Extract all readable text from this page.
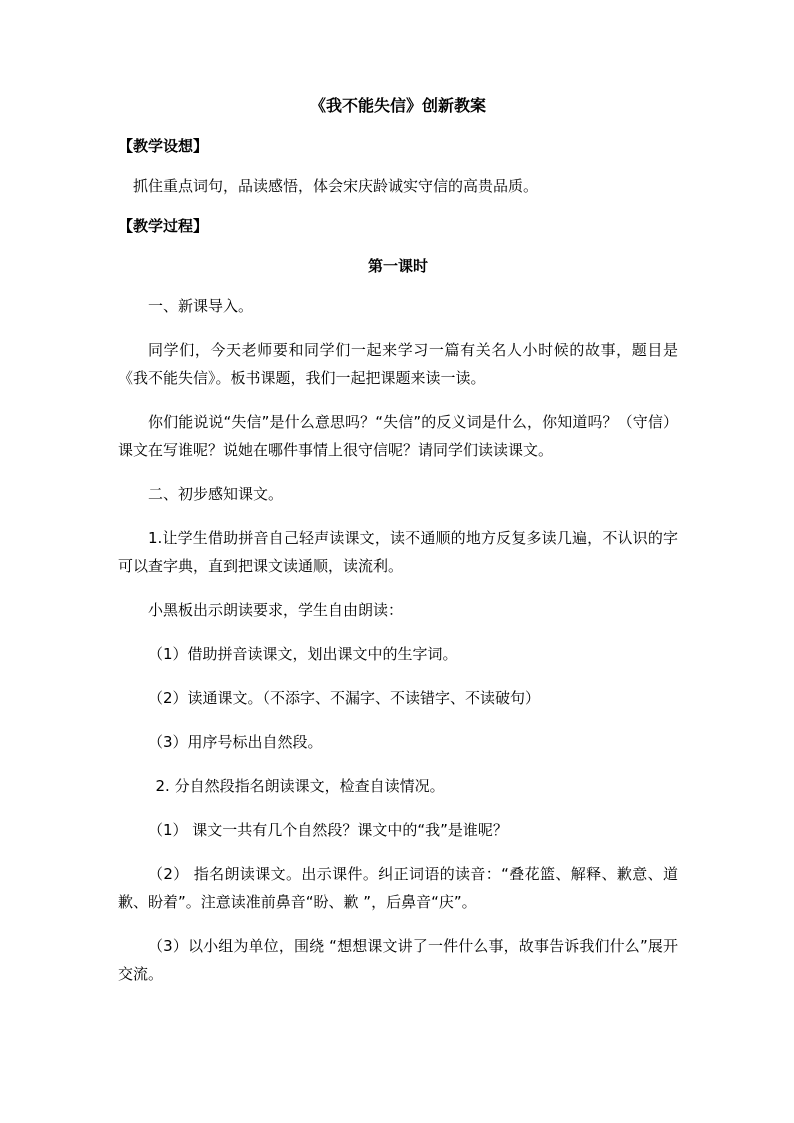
《我不能失信》创新教案

【教学设想】

抓住重点词句，品读感悟，体会宋庆龄诚实守信的高贵品质。

【教学过程】

第一课时

一、新课导入。

同学们，今天老师要和同学们一起来学习一篇有关名人小时候的故事，题目是《我不能失信》。板书课题，我们一起把课题来读一读。

你们能说说“失信”是什么意思吗？“失信”的反义词是什么，你知道吗？（守信） 课文在写谁呢？说她在哪件事情上很守信呢？请同学们读读课文。

二、初步感知课文。

1.让学生借助拼音自己轻声读课文，读不通顺的地方反复多读几遍，不认识的字可以查字典，直到把课文读通顺，读流利。

小黑板出示朗读要求，学生自由朗读：

（1）借助拼音读课文，划出课文中的生字词。

（2）读通课文。（不添字、不漏字、不读错字、不读破句）

（3）用序号标出自然段。

2. 分自然段指名朗读课文，检查自读情况。

（1） 课文一共有几个自然段？课文中的“我”是谁呢？

（2） 指名朗读课文。出示课件。纠正词语的读音：“叠花篮、解释、歉意、道歉、盼着”。注意读准前鼻音“盼、歉 ”，后鼻音“庆”。

（3）以小组为单位，围绕 “想想课文讲了一件什么事，故事告诉我们什么”展开交流。
